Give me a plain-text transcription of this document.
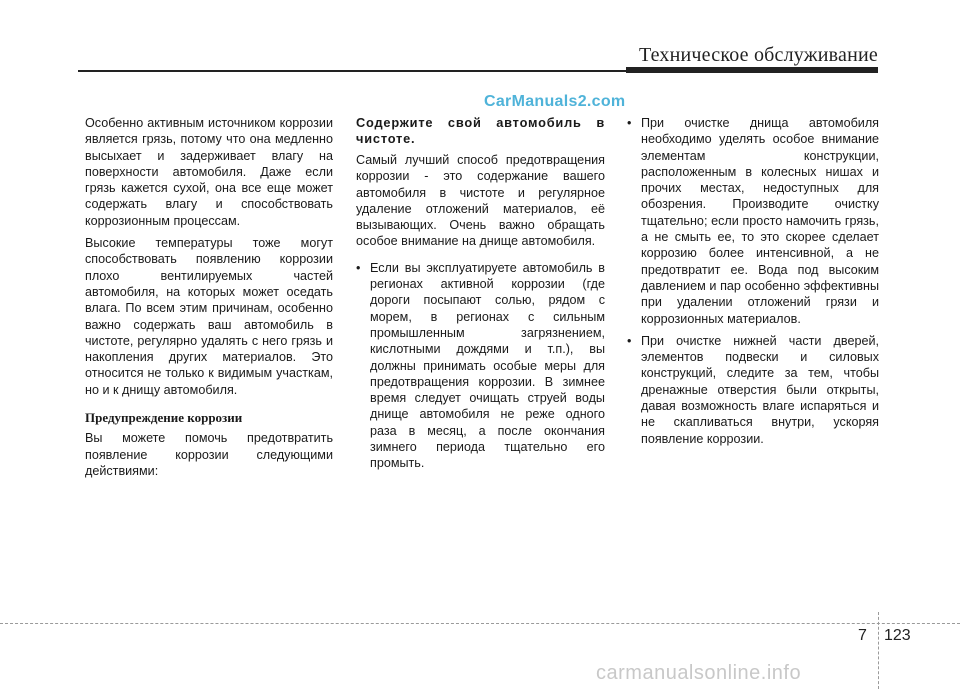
Техническое обслуживание
CarManuals2.com

Особенно активным источником коррозии является грязь, потому что она медленно высыхает и задерживает влагу на поверхности автомобиля. Даже если грязь кажется сухой, она все еще может содержать влагу и способствовать коррозионным процессам.

Высокие температуры тоже могут способствовать появлению коррозии плохо вентилируемых частей автомобиля, на которых может оседать влага. По всем этим причинам, особенно важно содержать ваш автомобиль в чистоте, регулярно удалять с него грязь и накопления других материалов. Это относится не только к видимым участкам, но и к днищу автомобиля.

Предупреждение коррозии

Вы можете помочь предотвратить появление коррозии следующими действиями:

Содержите свой автомобиль в чистоте.

Самый лучший способ предотвращения коррозии - это содержание вашего автомобиля в чистоте и регулярное удаление отложений материалов, её вызывающих. Очень важно обращать особое внимание на днище автомобиля.

• Если вы эксплуатируете автомобиль в регионах активной коррозии (где дороги посыпают солью, рядом с морем, в регионах с сильным промышленным загрязнением, кислотными дождями и т.п.), вы должны принимать особые меры для предотвращения коррозии. В зимнее время следует очищать струей воды днище автомобиля не реже одного раза в месяц, а после окончания зимнего периода тщательно его промыть.
• При очистке днища автомобиля необходимо уделять особое внимание элементам конструкции, расположенным в колесных нишах и прочих местах, недоступных для обозрения. Производите очистку тщательно; если просто намочить грязь, а не смыть ее, то это скорее сделает коррозию более интенсивной, а не предотвратит ее. Вода под высоким давлением и пар особенно эффективны при удалении отложений грязи и коррозионных материалов.
• При очистке нижней части дверей, элементов подвески и силовых конструкций, следите за тем, чтобы дренажные отверстия были открыты, давая возможность влаге испаряться и не скапливаться внутри, ускоряя появление коррозии.
7 123
carmanualsonline.info
